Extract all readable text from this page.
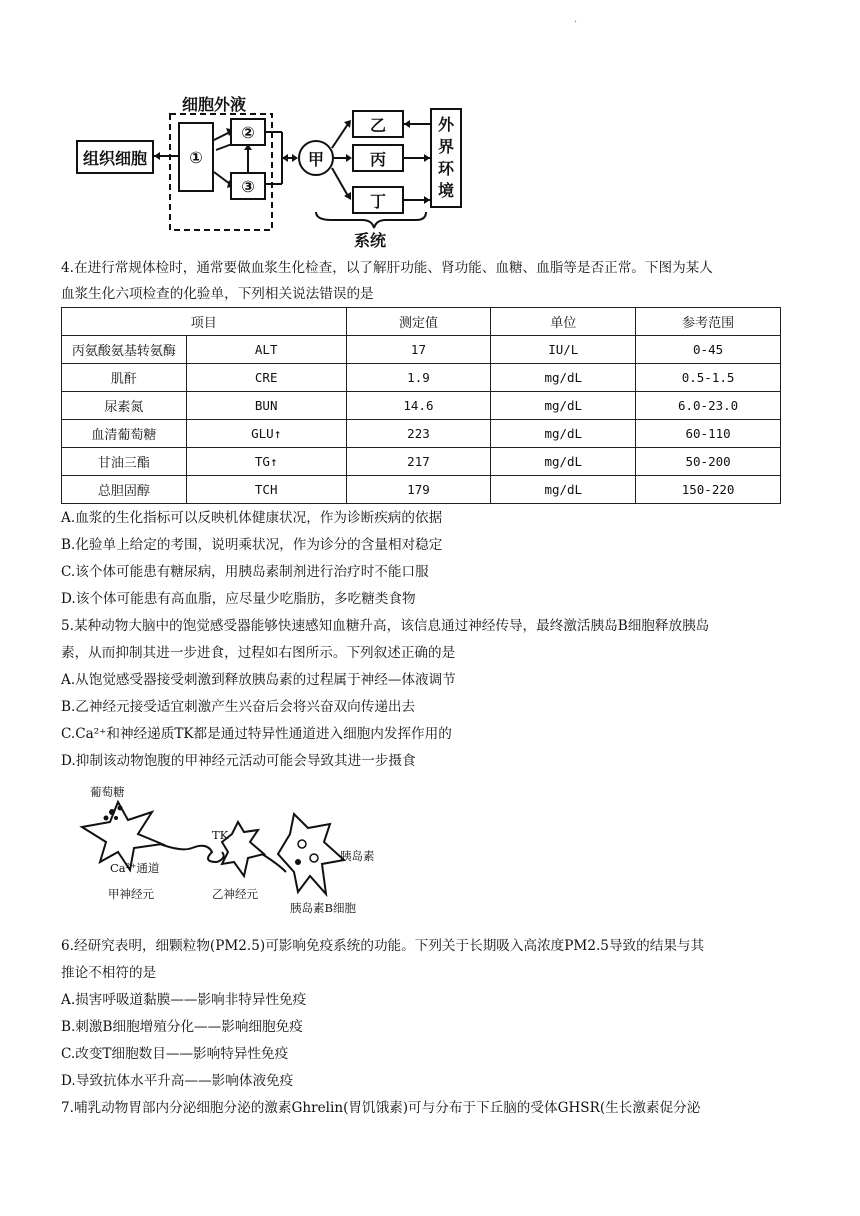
.
细胞外液
组织细胞	①
②
③
甲
乙
丙
丁
外
界
环
境
系统
4.在进行常规体检时，通常要做血浆生化检查，以了解肝功能、肾功能、血糖、血脂等是否正常。下图为某人
血浆生化六项检查的化验单，下列相关说法错误的是
项目		测定值	单位	参考范围
丙氨酸氨基转氨酶	ALT	17	IU/L	0-45
肌酐	CRE	1.9	mg/dL	0.5-1.5
尿素氮	BUN	14.6	mg/dL	6.0-23.0
血清葡萄糖	GLU↑	223	mg/dL	60-110
甘油三酯	TG↑	217	mg/dL	50-200
总胆固醇	TCH	179	mg/dL	150-220
A.血浆的生化指标可以反映机体健康状况，作为诊断疾病的依据
B.化验单上给定的考围，说明乘状况，作为诊分的含量相对稳定
C.该个体可能患有糖尿病，用胰岛素制剂进行治疗时不能口服
D.该个体可能患有高血脂，应尽量少吃脂肪，多吃糖类食物
5.某种动物大脑中的饱觉感受器能够快速感知血糖升高，该信息通过神经传导，最终激活胰岛B细胞释放胰岛
素，从而抑制其进一步进食，过程如右图所示。下列叙述正确的是
A.从饱觉感受器接受刺激到释放胰岛素的过程属于神经—体液调节
B.乙神经元接受适宜刺激产生兴奋后会将兴奋双向传递出去
C.Ca²⁺和神经递质TK都是通过特异性通道进入细胞内发挥作用的
D.抑制该动物饱腹的甲神经元活动可能会导致其进一步摄食
葡萄糖
TK
Ca²⁺通道
胰岛素
甲神经元	乙神经元
胰岛素B细胞
6.经研究表明，细颗粒物(PM2.5)可影响免疫系统的功能。下列关于长期吸入高浓度PM2.5导致的结果与其
推论不相符的是
A.损害呼吸道黏膜——影响非特异性免疫
B.刺激B细胞增殖分化——影响细胞免疫
C.改变T细胞数目——影响特异性免疫
D.导致抗体水平升高——影响体液免疫
7.哺乳动物胃部内分泌细胞分泌的激素Ghrelin(胃饥饿素)可与分布于下丘脑的受体GHSR(生长激素促分泌
